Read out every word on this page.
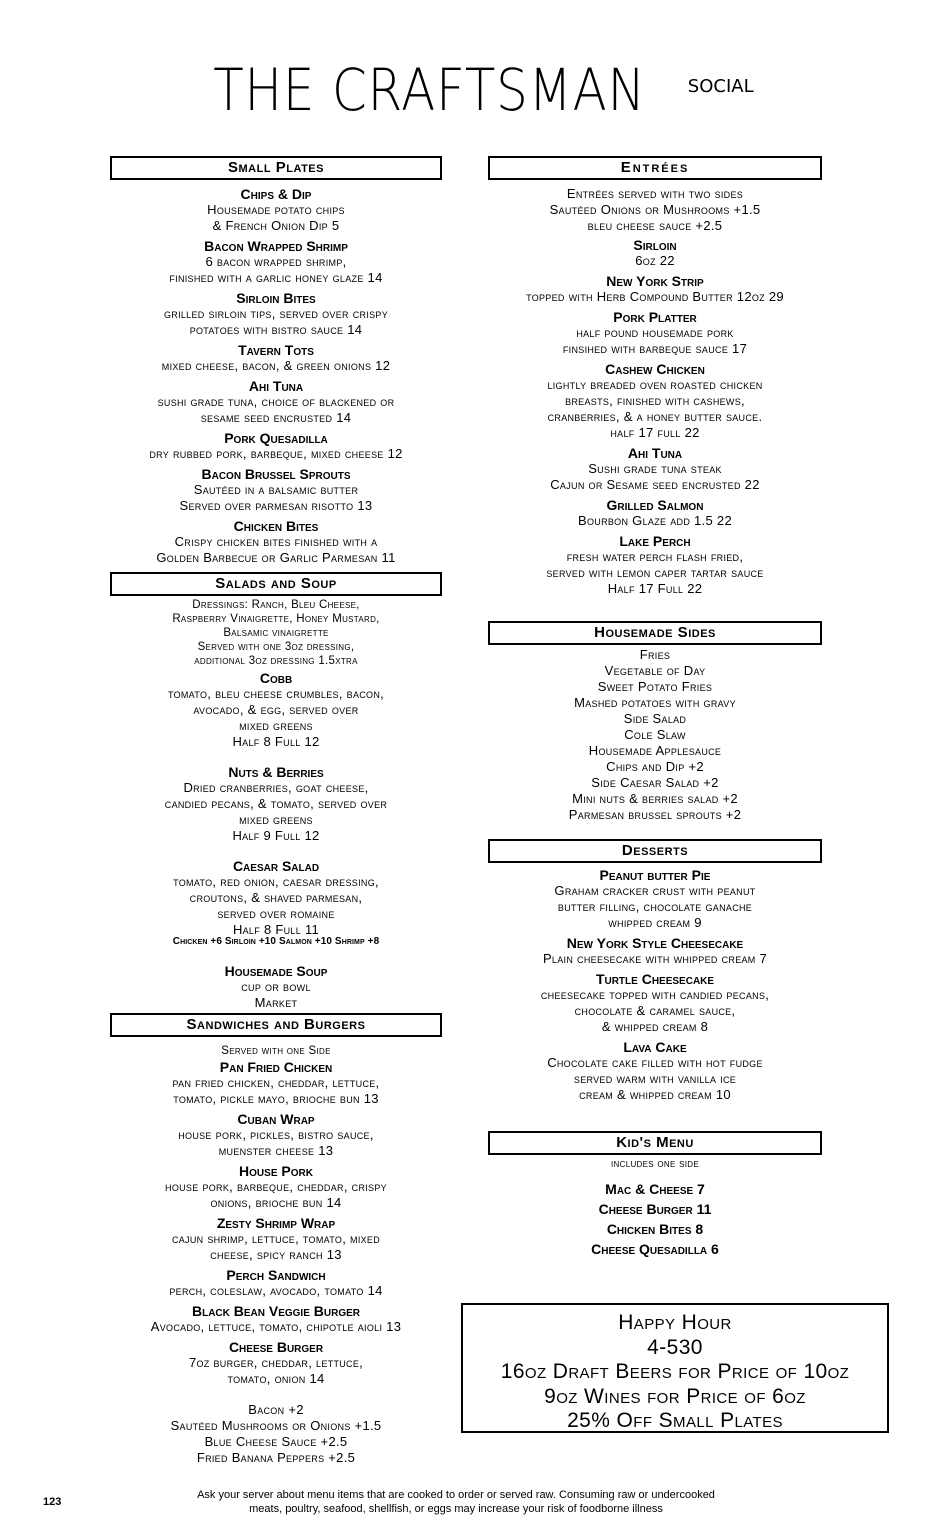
THE CRAFTSMAN social
Small Plates
Chips & Dip
Housemade potato chips
& French Onion Dip 5
Bacon Wrapped Shrimp
6 bacon wrapped shrimp,
finished with a garlic honey glaze 14
Sirloin Bites
grilled sirloin tips, served over crispy
potatoes with bistro sauce 14
Tavern Tots
mixed cheese, bacon, & green onions 12
Ahi Tuna
sushi grade tuna, choice of blackened or
sesame seed encrusted 14
Pork Quesadilla
dry rubbed pork, barbeque, mixed cheese 12
Bacon Brussel Sprouts
Sautéed in a balsamic butter
Served over parmesan risotto 13
Chicken Bites
Crispy chicken bites finished with a
Golden Barbecue or Garlic Parmesan 11
Salads and Soup
Dressings: Ranch, Bleu Cheese,
Raspberry Vinaigrette, Honey Mustard,
Balsamic vinaigrette
Served with one 3oz dressing,
additional 3oz dressing 1.5xtra
Cobb
tomato, bleu cheese crumbles, bacon,
avocado, & egg, served over
mixed greens
Half 8 Full 12
Nuts & Berries
Dried cranberries, goat cheese,
candied pecans, & tomato, served over
mixed greens
Half 9 Full 12
Caesar Salad
tomato, red onion, caesar dressing,
croutons, & shaved parmesan,
served over romaine
Half 8 Full 11
Chicken +6 Sirloin +10 Salmon +10 Shrimp +8
Housemade Soup
cup or bowl
Market
Sandwiches and Burgers
Served with one Side
Pan Fried Chicken
pan fried chicken, cheddar, lettuce,
tomato, pickle mayo, brioche bun 13
Cuban Wrap
house pork, pickles, bistro sauce,
muenster cheese 13
House Pork
house pork, barbeque, cheddar, crispy
onions, brioche bun 14
Zesty Shrimp Wrap
cajun shrimp, lettuce, tomato, mixed
cheese, spicy ranch 13
Perch Sandwich
perch, coleslaw, avocado, tomato 14
Black Bean Veggie Burger
Avocado, lettuce, tomato, chipotle aioli 13
Cheese Burger
7oz burger, cheddar, lettuce,
tomato, onion 14
Bacon +2
Sautéed Mushrooms or Onions +1.5
Blue Cheese Sauce +2.5
Fried Banana Peppers +2.5
Entrées
Entrées served with two sides
Sautéed Onions or Mushrooms +1.5
bleu cheese sauce +2.5
Sirloin
6oz 22
New York Strip
topped with Herb Compound Butter 12oz 29
Pork Platter
half pound housemade pork
finsihed with barbeque sauce 17
Cashew Chicken
lightly breaded oven roasted chicken
breasts, finished with cashews,
cranberries, & a honey butter sauce.
half 17 full 22
Ahi Tuna
Sushi grade tuna steak
Cajun or Sesame seed encrusted 22
Grilled Salmon
Bourbon Glaze add 1.5 22
Lake Perch
fresh water perch flash fried,
served with lemon caper tartar sauce
Half 17 Full 22
Housemade Sides
Fries
Vegetable of Day
Sweet Potato Fries
Mashed potatoes with gravy
Side Salad
Cole Slaw
Housemade Applesauce
Chips and Dip +2
Side Caesar Salad +2
Mini nuts & berries salad +2
Parmesan brussel sprouts +2
Desserts
Peanut butter Pie
Graham cracker crust with peanut
butter filling, chocolate ganache
whipped cream 9
New York Style Cheesecake
Plain cheesecake with whipped cream 7
Turtle Cheesecake
cheesecake topped with candied pecans,
chocolate & caramel sauce,
& whipped cream 8
Lava Cake
Chocolate cake filled with hot fudge
served warm with vanilla ice
cream & whipped cream 10
Kid's Menu
includes one side
Mac & Cheese 7
Cheese Burger 11
Chicken Bites 8
Cheese Quesadilla 6
Happy Hour
4-530
16oz Draft Beers for Price of 10oz
9oz Wines for Price of 6oz
25% Off Small Plates
123
Ask your server about menu items that are cooked to order or served raw. Consuming raw or undercooked
meats, poultry, seafood, shellfish, or eggs may increase your risk of foodborne illness
